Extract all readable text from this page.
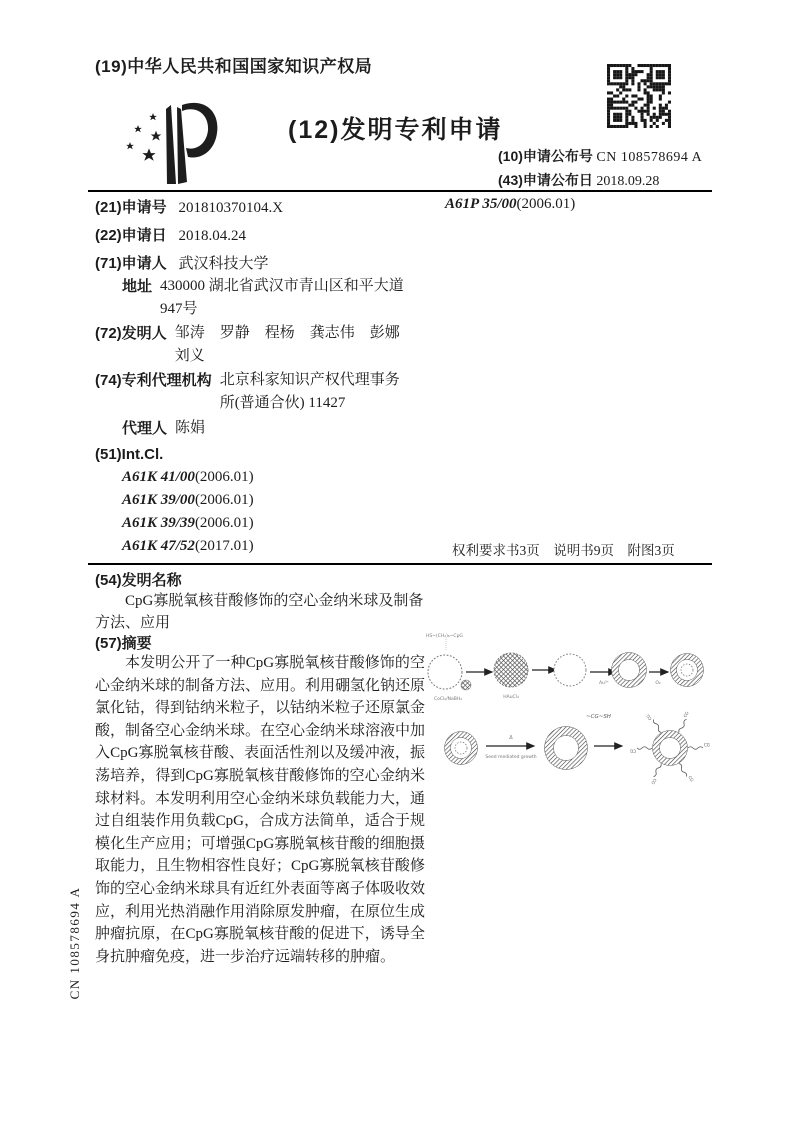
(19)中华人民共和国国家知识产权局
(12)发明专利申请
(10)申请公布号 CN 108578694 A
(43)申请公布日 2018.09.28
(21)申请号 201810370104.X	A61P 35/00(2006.01)
(22)申请日 2018.04.24
(71)申请人 武汉科技大学
地址 430000 湖北省武汉市青山区和平大道947号
(72)发明人 邹涛　罗静　程杨　龚志伟　彭娜
刘义
(74)专利代理机构 北京科家知识产权代理事务所(普通合伙) 11427
代理人 陈娟
(51)Int.Cl.
A61K 41/00(2006.01)
A61K 39/00(2006.01)
A61K 39/39(2006.01)
A61K 47/52(2017.01)	权利要求书3页　说明书9页　附图3页
(54)发明名称
CpG寡脱氧核苷酸修饰的空心金纳米球及制备方法、应用
(57)摘要
本发明公开了一种CpG寡脱氧核苷酸修饰的空心金纳米球的制备方法、应用。利用硼氢化钠还原氯化钴，得到钴纳米粒子，以钴纳米粒子还原氯金酸，制备空心金纳米球。在空心金纳米球溶液中加入CpG寡脱氧核苷酸、表面活性剂以及缓冲液，振荡培养，得到CpG寡脱氧核苷酸修饰的空心金纳米球材料。本发明利用空心金纳米球负载能力大，通过自组装作用负载CpG，合成方法简单，适合于规模化生产应用；可增强CpG寡脱氧核苷酸的细胞摄取能力，且生物相容性良好；CpG寡脱氧核苷酸修饰的空心金纳米球具有近红外表面等离子体吸收效应，利用光热消融作用消除原发肿瘤，在原位生成肿瘤抗原，在CpG寡脱氧核苷酸的促进下，诱导全身抗肿瘤免疫，进一步治疗远端转移的肿瘤。
HS~(CH₂)₆~CpG
CoCl₂/NaBH₄	HAuCl₄
Au³⁺	O₂
Δ
Seed mediated growth
~CG~SH
CG
CG
CG
CG
CG	CG
CN 108578694 A
